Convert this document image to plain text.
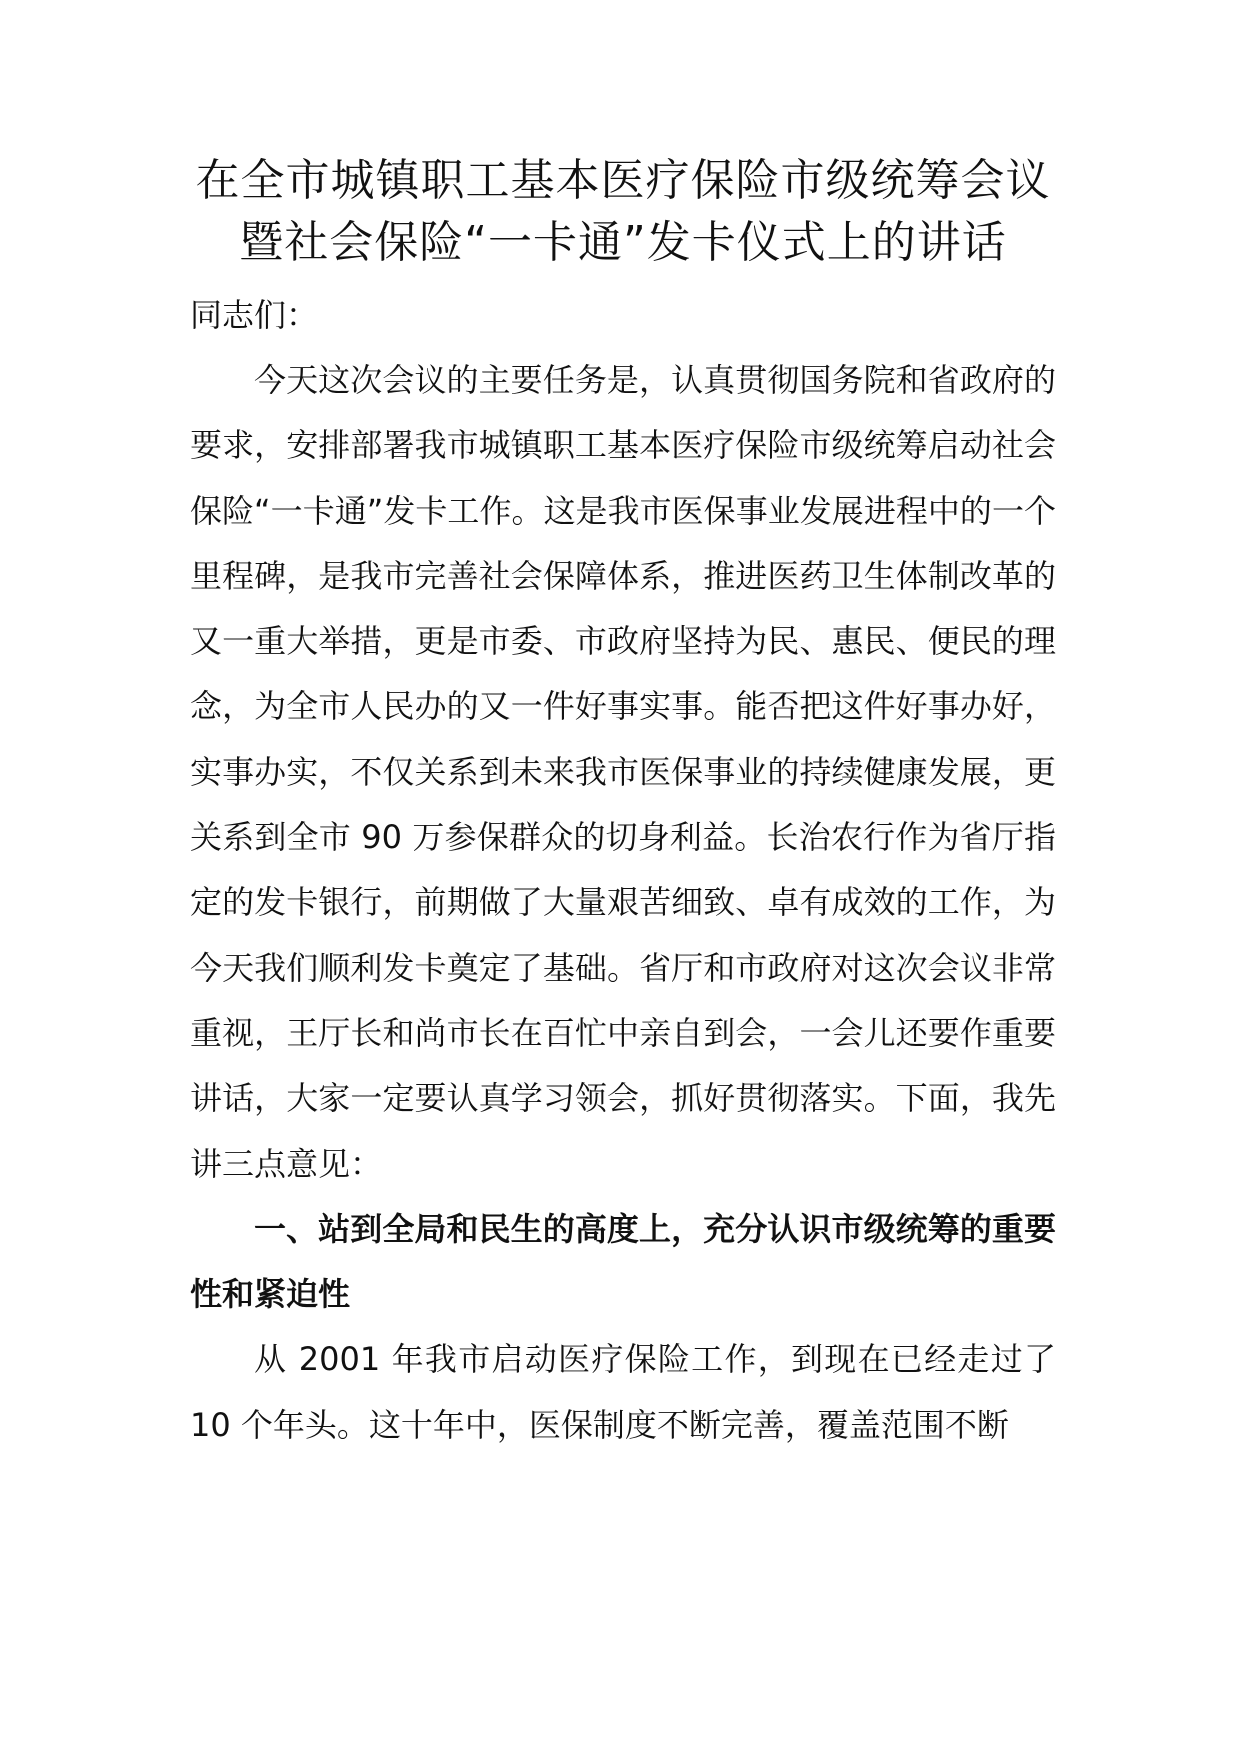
在全市城镇职工基本医疗保险市级统筹会议暨社会保险“一卡通”发卡仪式上的讲话

同志们：

今天这次会议的主要任务是，认真贯彻国务院和省政府的要求，安排部署我市城镇职工基本医疗保险市级统筹启动社会保险“一卡通”发卡工作。这是我市医保事业发展进程中的一个里程碑，是我市完善社会保障体系，推进医药卫生体制改革的又一重大举措，更是市委、市政府坚持为民、惠民、便民的理念，为全市人民办的又一件好事实事。能否把这件好事办好，实事办实，不仅关系到未来我市医保事业的持续健康发展，更关系到全市 90 万参保群众的切身利益。长治农行作为省厅指定的发卡银行，前期做了大量艰苦细致、卓有成效的工作，为今天我们顺利发卡奠定了基础。省厅和市政府对这次会议非常重视，王厅长和尚市长在百忙中亲自到会，一会儿还要作重要讲话，大家一定要认真学习领会，抓好贯彻落实。下面，我先讲三点意见：

一、站到全局和民生的高度上，充分认识市级统筹的重要性和紧迫性

从 2001 年我市启动医疗保险工作，到现在已经走过了 10 个年头。这十年中，医保制度不断完善，覆盖范围不断
